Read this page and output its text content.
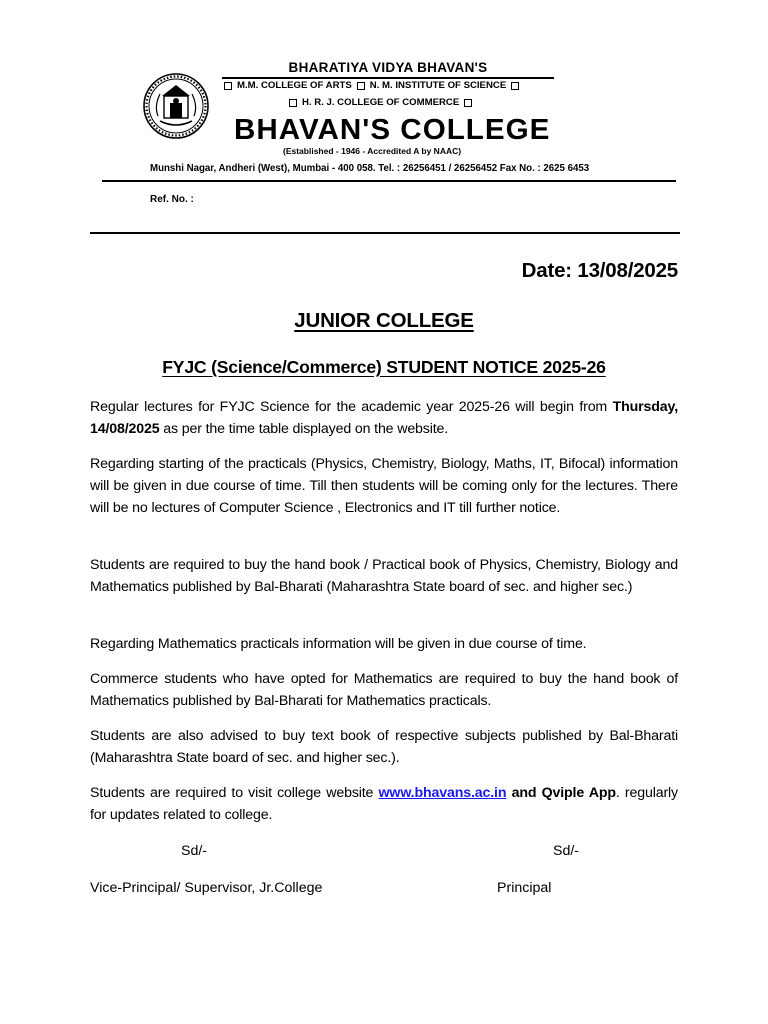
BHARATIYA VIDYA BHAVAN'S
M.M. COLLEGE OF ARTS N. M. INSTITUTE OF SCIENCE
H. R. J. COLLEGE OF COMMERCE
BHAVAN'S COLLEGE
(Established - 1946 - Accredited A by NAAC)
Munshi Nagar, Andheri (West), Mumbai - 400 058. Tel. : 26256451 / 26256452 Fax No. : 2625 6453
Ref. No. :
Date: 13/08/2025
JUNIOR COLLEGE
FYJC (Science/Commerce) STUDENT NOTICE 2025-26
Regular lectures for FYJC Science for the academic year 2025-26 will begin from Thursday, 14/08/2025 as per the time table displayed on the website.
Regarding starting of the practicals (Physics, Chemistry, Biology, Maths, IT, Bifocal) information will be given in due course of time. Till then students will be coming only for the lectures. There will be no lectures of Computer Science , Electronics and IT till further notice.
Students are required to buy the hand book / Practical book of Physics, Chemistry, Biology and Mathematics published by Bal-Bharati (Maharashtra State board of sec. and higher sec.)
Regarding Mathematics practicals information will be given in due course of time.
Commerce students who have opted for Mathematics are required to buy the hand book of Mathematics published by Bal-Bharati for Mathematics practicals.
Students are also advised to buy text book of respective subjects published by Bal-Bharati (Maharashtra State board of sec. and higher sec.).
Students are required to visit college website www.bhavans.ac.in and Qviple App. regularly for updates related to college.
Sd/-	Sd/-
Vice-Principal/ Supervisor, Jr.College	Principal
